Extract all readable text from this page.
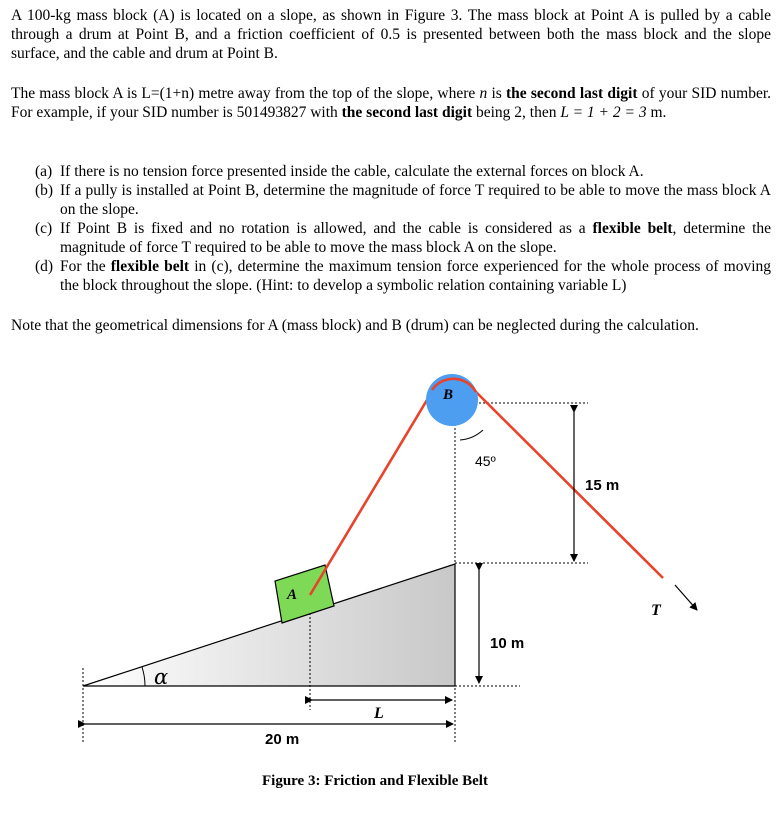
A 100-kg mass block (A) is located on a slope, as shown in Figure 3. The mass block at Point A is pulled by a cable through a drum at Point B, and a friction coefficient of 0.5 is presented between both the mass block and the slope surface, and the cable and drum at Point B.
The mass block A is L=(1+n) metre away from the top of the slope, where n is the second last digit of your SID number. For example, if your SID number is 501493827 with the second last digit being 2, then L = 1 + 2 = 3 m.
(a) If there is no tension force presented inside the cable, calculate the external forces on block A.
(b) If a pully is installed at Point B, determine the magnitude of force T required to be able to move the mass block A on the slope.
(c) If Point B is fixed and no rotation is allowed, and the cable is considered as a flexible belt, determine the magnitude of force T required to be able to move the mass block A on the slope.
(d) For the flexible belt in (c), determine the maximum tension force experienced for the whole process of moving the block throughout the slope. (Hint: to develop a symbolic relation containing variable L)
Note that the geometrical dimensions for A (mass block) and B (drum) can be neglected during the calculation.
α
A
B
45º
15 m
10 m
T
L
20 m
Figure 3: Friction and Flexible Belt
